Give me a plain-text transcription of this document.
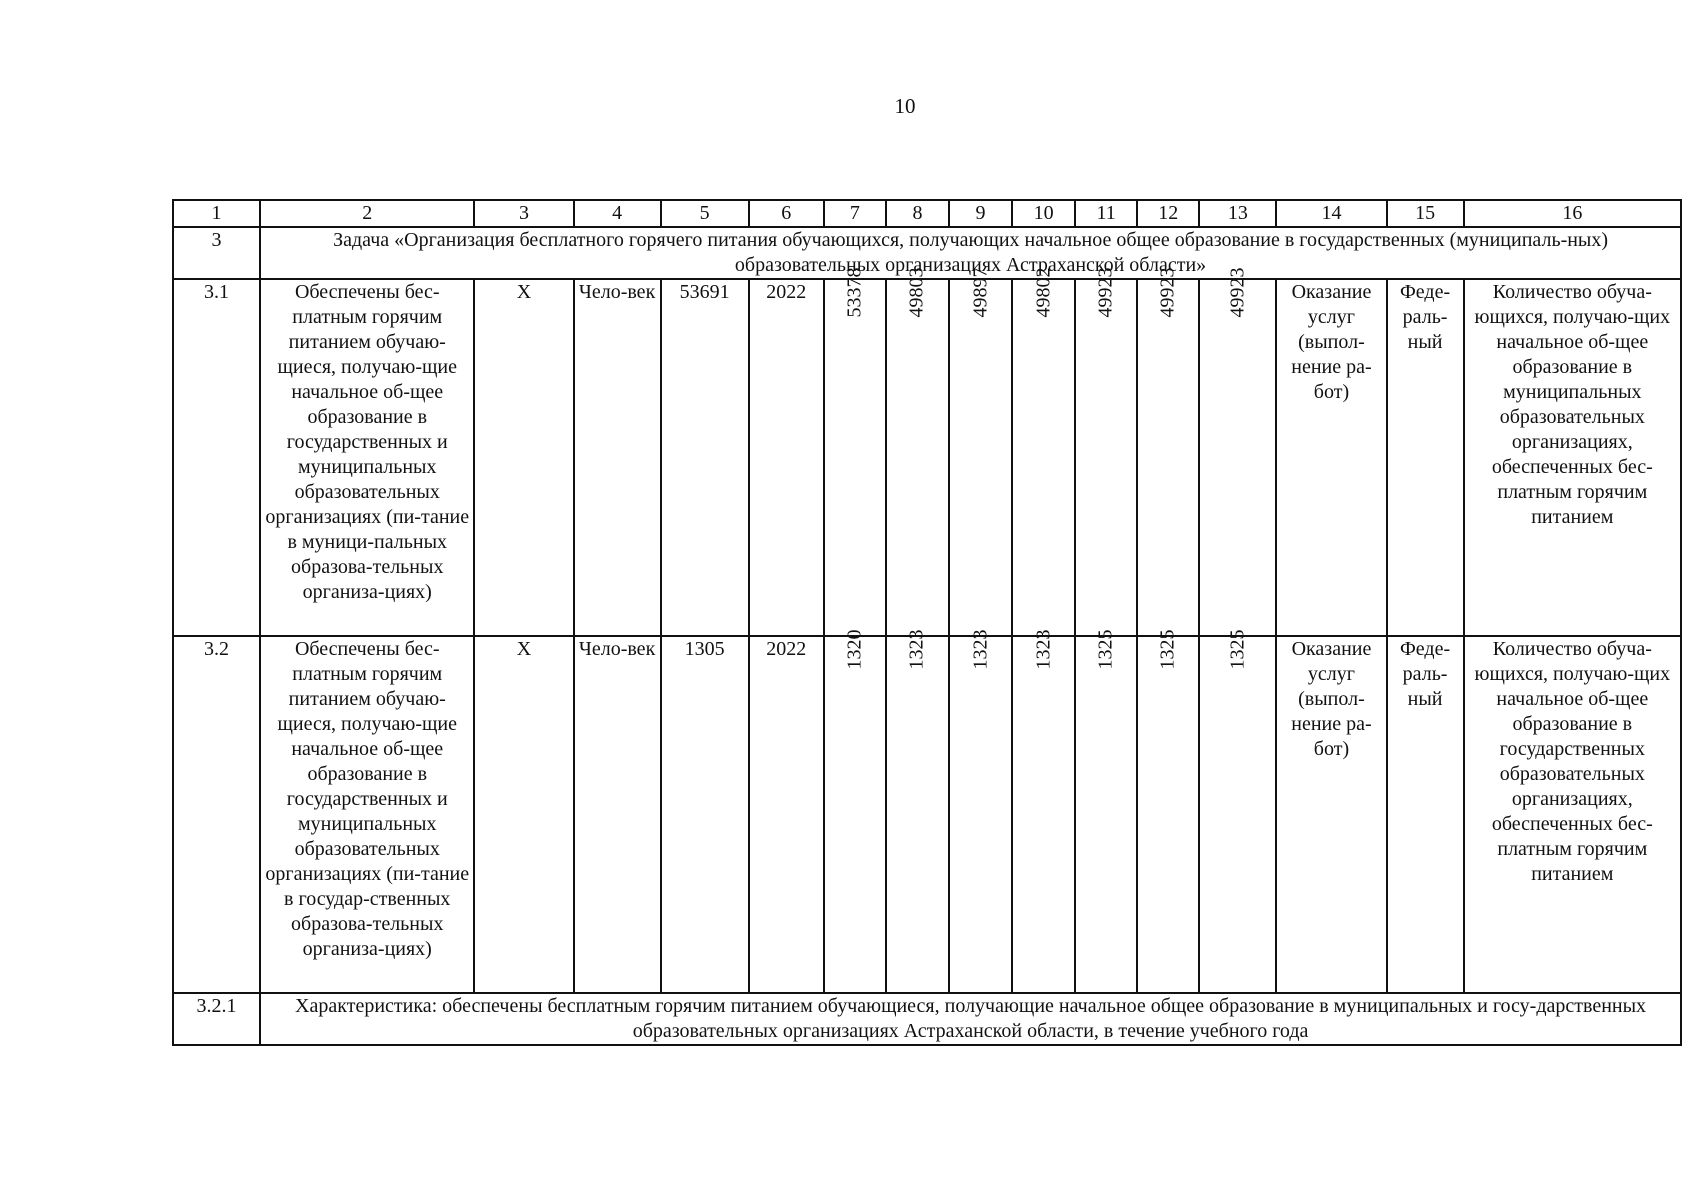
10
1	2	3	4	5	6	7	8	9	10	11	12	13	14	15	16
3	Задача «Организация бесплатного горячего питания обучающихся, получающих начальное общее образование в государственных (муниципаль-ных) образовательных организациях Астраханской области»														
3.1	Обеспечены бес-платным горячим питанием обучаю-щиеся, получаю-щие начальное об-щее образование в государственных и муниципальных образовательных организациях (пи-тание в муници-пальных образова-тельных организа-циях)	Х	Чело-век	53691	2022	53378	49803	49897	49802	49923	49923	49923	Оказание услуг (выпол-нение ра-бот)	Феде-раль-ный	Количество обуча-ющихся, получаю-щих начальное об-щее образование в муниципальных образовательных организациях, обеспеченных бес-платным горячим питанием
3.2	Обеспечены бес-платным горячим питанием обучаю-щиеся, получаю-щие начальное об-щее образование в государственных и муниципальных образовательных организациях (пи-тание в государ-ственных образова-тельных организа-циях)	Х	Чело-век	1305	2022	1320	1323	1323	1323	1325	1325	1325	Оказание услуг (выпол-нение ра-бот)	Феде-раль-ный	Количество обуча-ющихся, получаю-щих начальное об-щее образование в государственных образовательных организациях, обеспеченных бес-платным горячим питанием
3.2.1	Характеристика: обеспечены бесплатным горячим питанием обучающиеся, получающие начальное общее образование в муниципальных и госу-дарственных образовательных организациях Астраханской области, в течение учебного года														
